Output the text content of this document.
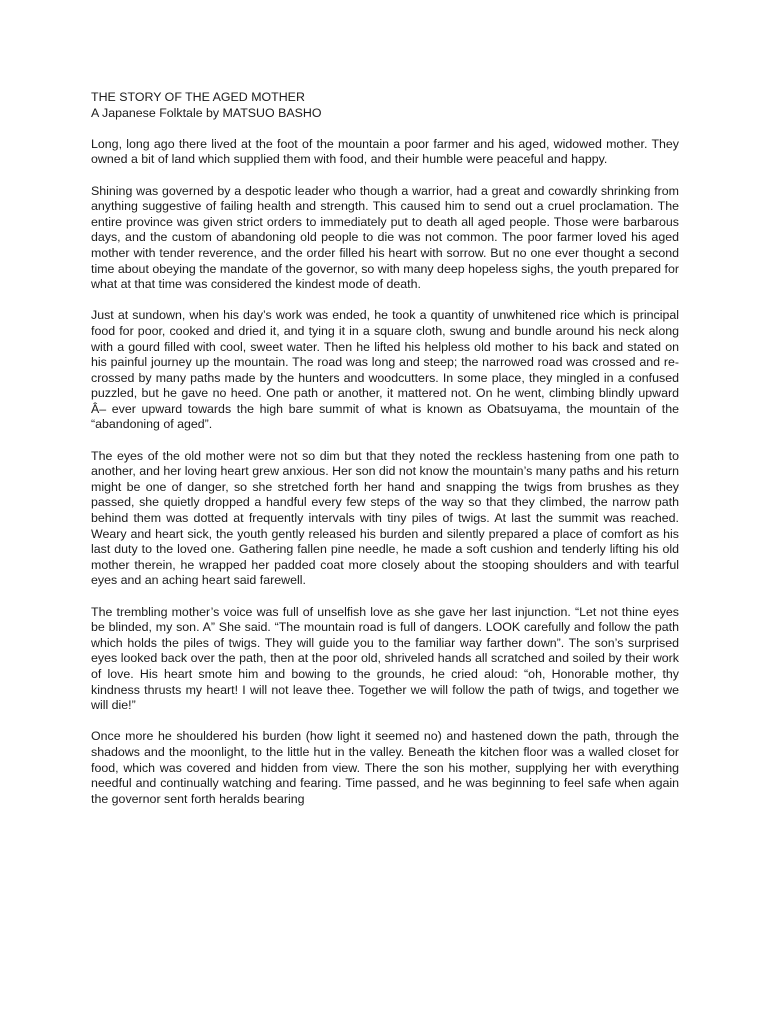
THE STORY OF THE AGED MOTHER

A Japanese Folktale by MATSUO BASHO

Long, long ago there lived at the foot of the mountain a poor farmer and his aged, widowed mother. They owned a bit of land which supplied them with food, and their humble were peaceful and happy.

Shining was governed by a despotic leader who though a warrior, had a great and cowardly shrinking from anything suggestive of failing health and strength. This caused him to send out a cruel proclamation. The entire province was given strict orders to immediately put to death all aged people. Those were barbarous days, and the custom of abandoning old people to die was not common. The poor farmer loved his aged mother with tender reverence, and the order filled his heart with sorrow. But no one ever thought a second time about obeying the mandate of the governor, so with many deep hopeless sighs, the youth prepared for what at that time was considered the kindest mode of death.

Just at sundown, when his day’s work was ended, he took a quantity of unwhitened rice which is principal food for poor, cooked and dried it, and tying it in a square cloth, swung and bundle around his neck along with a gourd filled with cool, sweet water. Then he lifted his helpless old mother to his back and stated on his painful journey up the mountain. The road was long and steep; the narrowed road was crossed and re-crossed by many paths made by the hunters and woodcutters. In some place, they mingled in a confused puzzled, but he gave no heed. One path or another, it mattered not. On he went, climbing blindly upward Â– ever upward towards the high bare summit of what is known as Obatsuyama, the mountain of the “abandoning of aged”.

The eyes of the old mother were not so dim but that they noted the reckless hastening from one path to another, and her loving heart grew anxious. Her son did not know the mountain’s many paths and his return might be one of danger, so she stretched forth her hand and snapping the twigs from brushes as they passed, she quietly dropped a handful every few steps of the way so that they climbed, the narrow path behind them was dotted at frequently intervals with tiny piles of twigs. At last the summit was reached. Weary and heart sick, the youth gently released his burden and silently prepared a place of comfort as his last duty to the loved one. Gathering fallen pine needle, he made a soft cushion and tenderly lifting his old mother therein, he wrapped her padded coat more closely about the stooping shoulders and with tearful eyes and an aching heart said farewell.

The trembling mother’s voice was full of unselfish love as she gave her last injunction. “Let not thine eyes be blinded, my son. A” She said. “The mountain road is full of dangers. LOOK carefully and follow the path which holds the piles of twigs. They will guide you to the familiar way farther down”. The son’s surprised eyes looked back over the path, then at the poor old, shriveled hands all scratched and soiled by their work of love. His heart smote him and bowing to the grounds, he cried aloud: “oh, Honorable mother, thy kindness thrusts my heart! I will not leave thee. Together we will follow the path of twigs, and together we will die!”

Once more he shouldered his burden (how light it seemed no) and hastened down the path, through the shadows and the moonlight, to the little hut in the valley. Beneath the kitchen floor was a walled closet for food, which was covered and hidden from view. There the son his mother, supplying her with everything needful and continually watching and fearing. Time passed, and he was beginning to feel safe when again the governor sent forth heralds bearing
